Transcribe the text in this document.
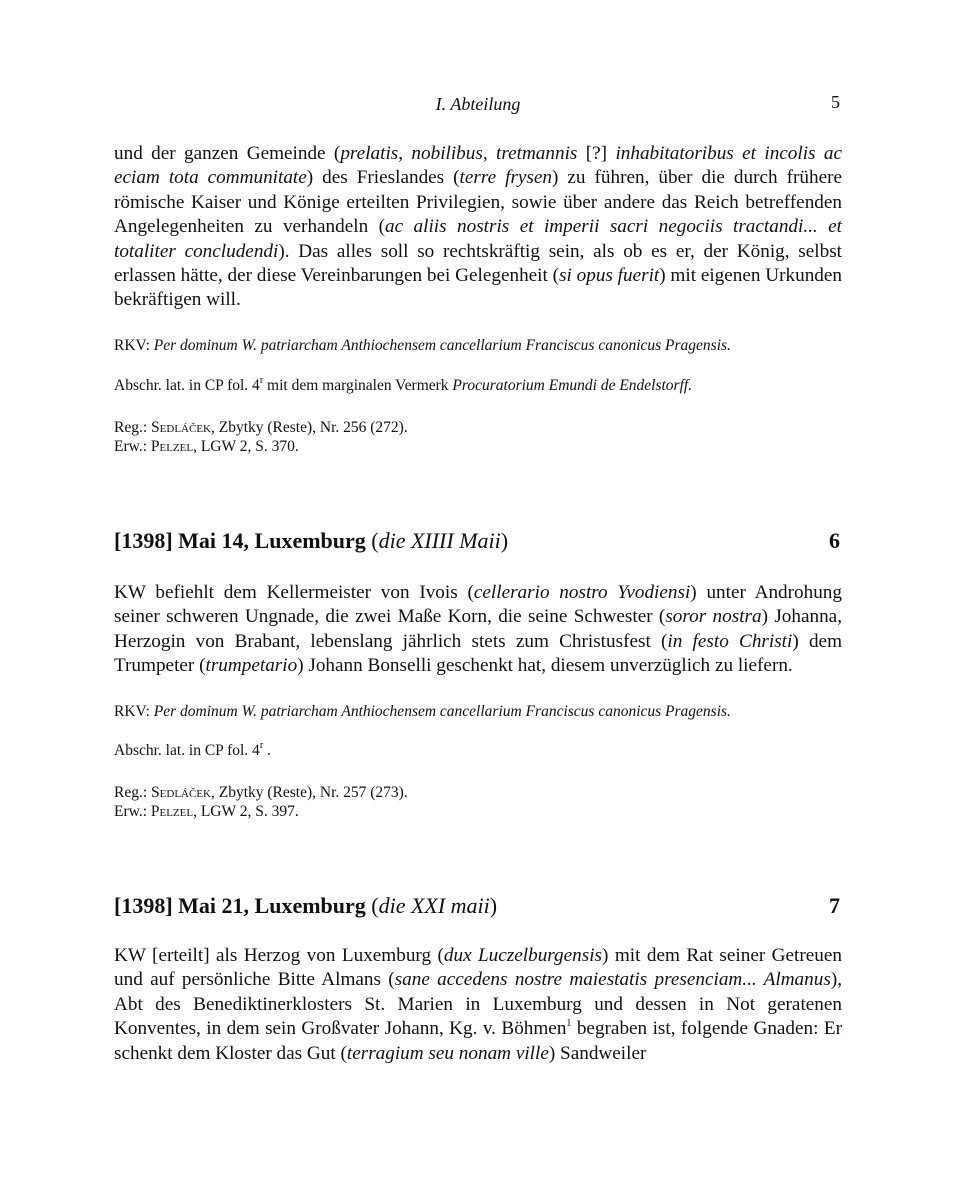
I. Abteilung	5

und der ganzen Gemeinde (prelatis, nobilibus, tretmannis [?] inhabitatoribus et incolis ac eciam tota communitate) des Frieslandes (terre frysen) zu führen, über die durch frühere römische Kaiser und Könige erteilten Privilegien, sowie über andere das Reich betreffenden Angelegenheiten zu verhandeln (ac aliis nostris et imperii sacri negociis tractandi... et totaliter concludendi). Das alles soll so rechtskräftig sein, als ob es er, der König, selbst erlassen hätte, der diese Vereinbarungen bei Gelegenheit (si opus fuerit) mit eigenen Urkunden bekräftigen will.

RKV: Per dominum W. patriarcham Anthiochensem cancellarium Franciscus canonicus Pragensis.

Abschr. lat. in CP fol. 4$^r$ mit dem marginalen Vermerk Procuratorium Emundi de Endelstorff.

Reg.: Sedláček, Zbytky (Reste), Nr. 256 (272).

Erw.: Pelzel, LGW 2, S. 370.

[1398] Mai 14, Luxemburg (die XIIII Maii)	6

KW befiehlt dem Kellermeister von Ivois (cellerario nostro Yvodiensi) unter Androhung seiner schweren Ungnade, die zwei Maße Korn, die seine Schwester (soror nostra) Johanna, Herzogin von Brabant, lebenslang jährlich stets zum Christusfest (in festo Christi) dem Trumpeter (trumpetario) Johann Bonselli geschenkt hat, diesem unverzüglich zu liefern.

RKV: Per dominum W. patriarcham Anthiochensem cancellarium Franciscus canonicus Pragensis.

Abschr. lat. in CP fol. 4$^r$ .

Reg.: Sedláček, Zbytky (Reste), Nr. 257 (273).

Erw.: Pelzel, LGW 2, S. 397.

[1398] Mai 21, Luxemburg (die XXI maii)	7

KW [erteilt] als Herzog von Luxemburg (dux Luczelburgensis) mit dem Rat seiner Getreuen und auf persönliche Bitte Almans (sane accedens nostre maiestatis presenciam... Almanus), Abt des Benediktinerklosters St. Marien in Luxemburg und dessen in Not geratenen Konventes, in dem sein Großvater Johann, Kg. v. Böhmen$^1$ begraben ist, folgende Gnaden: Er schenkt dem Kloster das Gut (terragium seu nonam ville) Sandweiler
